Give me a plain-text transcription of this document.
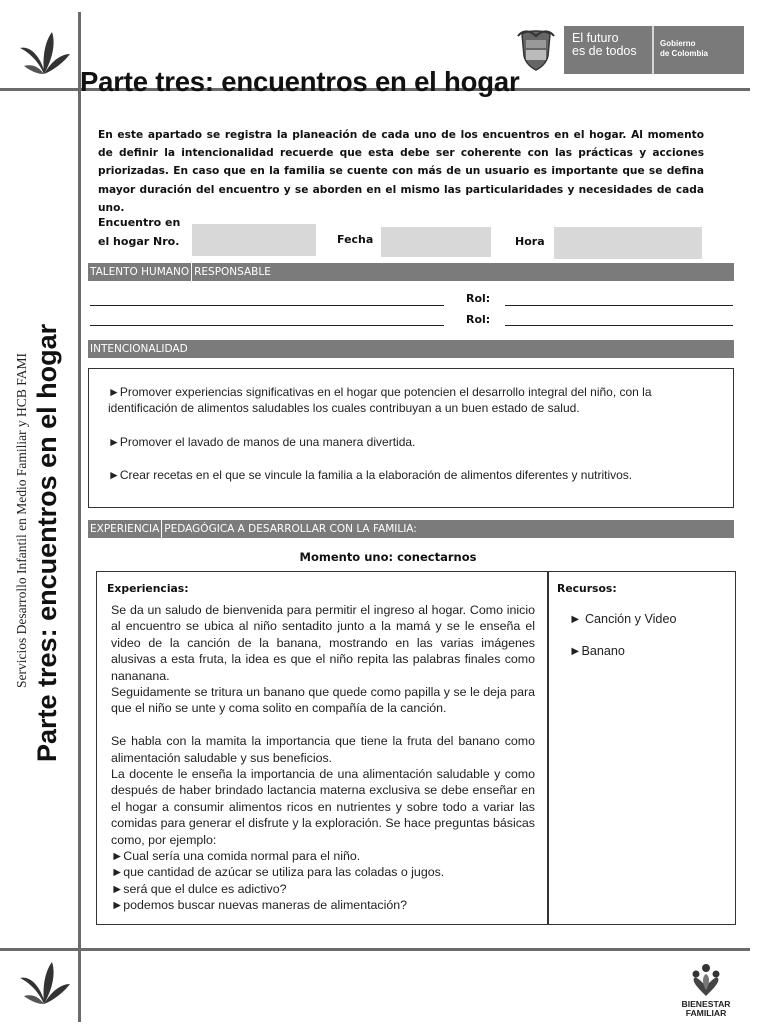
Servicios Desarrollo Infantil en Medio Familiar y HCB FAMI Parte tres: encuentros en el hogar
Parte tres: encuentros en el hogar
El futuro
es de todos
Gobierno
de Colombia
En este apartado se registra la planeación de cada uno de los encuentros en el hogar. Al momento de definir la intencionalidad recuerde que esta debe ser coherente con las prácticas y acciones priorizadas. En caso que en la familia se cuente con más de un usuario es importante que se defina mayor duración del encuentro y se aborden en el mismo las particularidades y necesidades de cada uno.
Encuentro en
el hogar Nro.	Fecha	Hora
TALENTO HUMANO RESPONSABLE
Rol:
Rol:
INTENCIONALIDAD
►Promover experiencias significativas en el hogar que potencien el desarrollo integral del niño, con la identificación de alimentos saludables los cuales contribuyan a un buen estado de salud.
►Promover el lavado de manos de una manera divertida.
►Crear recetas en el que se vincule la familia a la elaboración de alimentos diferentes y nutritivos.
EXPERIENCIA PEDAGÓGICA A DESARROLLAR CON LA FAMILIA:
Momento uno: conectarnos
Experiencias:	Recursos:

Se da un saludo de bienvenida para permitir el ingreso al hogar. Como inicio al encuentro se ubica al niño sentadito junto a la mamá y se le enseña el video de la canción de la banana, mostrando en las varias imágenes alusivas a esta fruta, la idea es que el niño repita las palabras finales como nananana.

Seguidamente se tritura un banano que quede como papilla y se le deja para que el niño se unte y coma solito en compañía de la canción.

Se habla con la mamita la importancia que tiene la fruta del banano como alimentación saludable y sus beneficios.

La docente le enseña la importancia de una alimentación saludable y como después de haber brindado lactancia materna exclusiva se debe enseñar en el hogar a consumir alimentos ricos en nutrientes y sobre todo a variar las comidas para generar el disfrute y la exploración. Se hace preguntas básicas como, por ejemplo:

►Cual sería una comida normal para el niño.

►que cantidad de azúcar se utiliza para las coladas o jugos.

►será que el dulce es adictivo?

►podemos buscar nuevas maneras de alimentación?

► Canción y Video
►Banano
BIENESTAR
FAMILIAR
